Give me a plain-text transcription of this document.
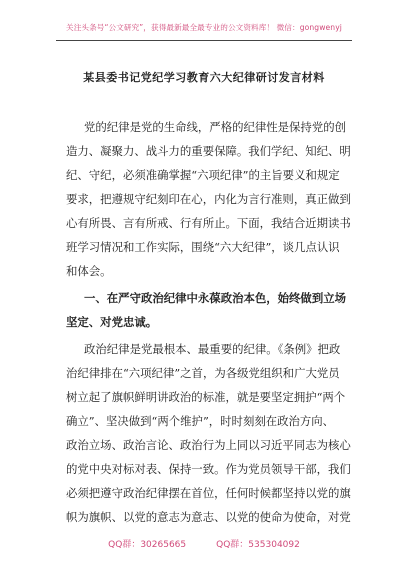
关注头条号“公文研究”，获得最新最全最专业的公文资料库！ 微信：gongwenyj
某县委书记党纪学习教育六大纪律研讨发言材料
党的纪律是党的生命线，严格的纪律性是保持党的创
造力、凝聚力、战斗力的重要保障。我们学纪、知纪、明
纪、守纪，必须准确掌握“六项纪律”的主旨要义和规定
要求，把遵规守纪刻印在心，内化为言行准则，真正做到
心有所畏、言有所戒、行有所止。下面，我结合近期读书
班学习情况和工作实际，围绕“六大纪律”，谈几点认识
和体会。
一、在严守政治纪律中永葆政治本色，始终做到立场
坚定、对党忠诚。
政治纪律是党最根本、最重要的纪律。《条例》把政
治纪律排在“六项纪律”之首，为各级党组织和广大党员
树立起了旗帜鲜明讲政治的标准，就是要坚定拥护“两个
确立”、坚决做到“两个维护”，时时刻刻在政治方向、
政治立场、政治言论、政治行为上同以习近平同志为核心
的党中央对标对表、保持一致。作为党员领导干部，我们
必须把遵守政治纪律摆在首位，任何时候都坚持以党的旗
帜为旗帜、以党的意志为意志、以党的使命为使命，对党
QQ群：30265665	QQ群：535304092
